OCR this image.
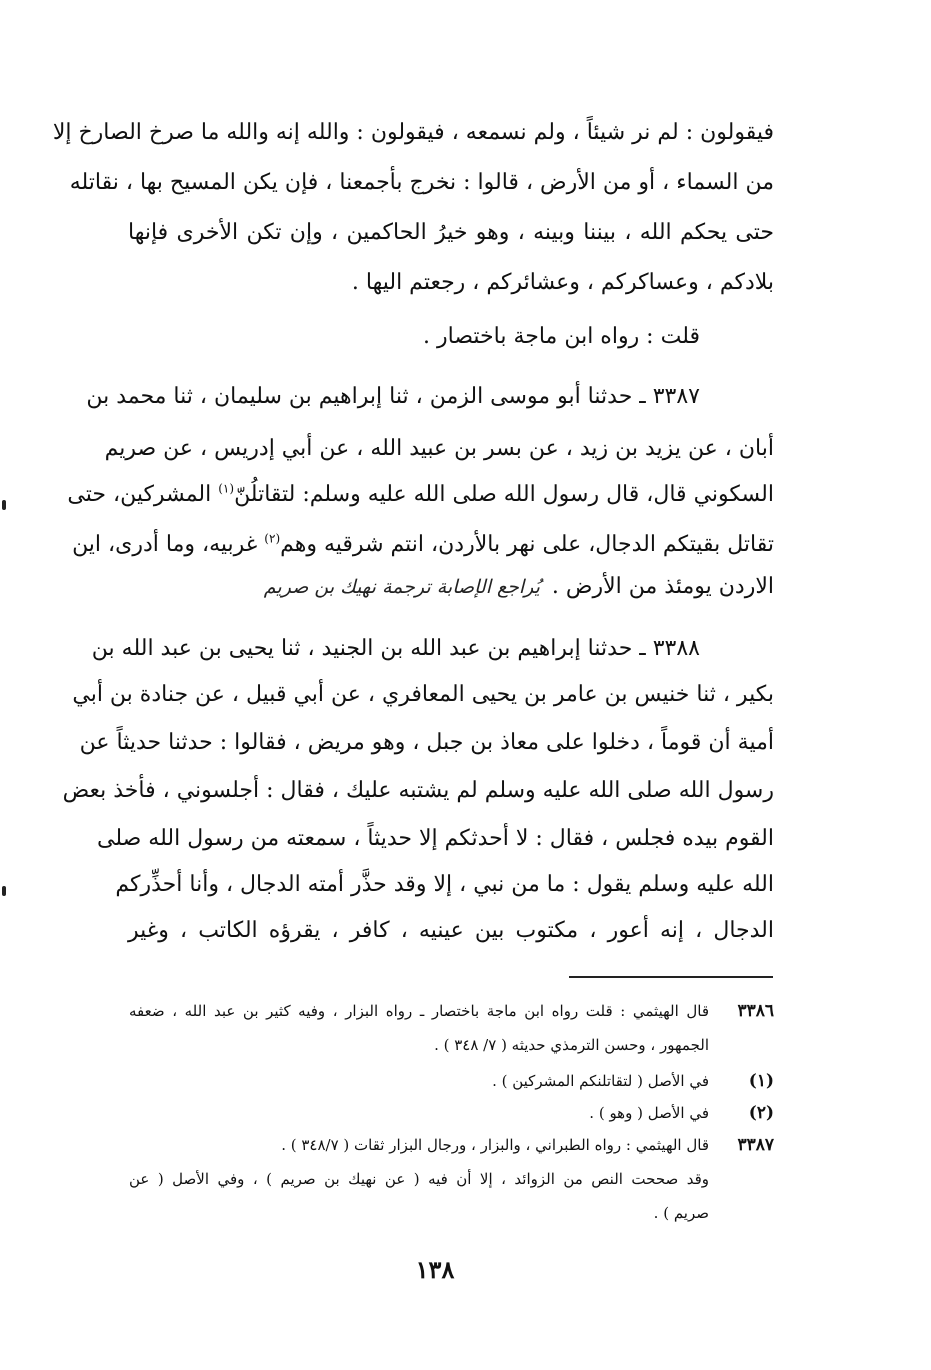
فيقولون : لم نر شيئاً ، ولم نسمعه ، فيقولون : والله إنه والله ما صرخ الصارخ إلا
من السماء ، أو من الأرض ، قالوا : نخرج بأجمعنا ، فإن يكن المسيح بها ، نقاتله
حتى يحكم الله ، بيننا وبينه ، وهو خيرُ الحاكمين ، وإن تكن الأخرى فإنها
بلادكم ، وعساكركم ، وعشائركم ، رجعتم اليها .
قلت : رواه ابن ماجة باختصار .
٣٣٨٧ ـ حدثنا أبو موسى الزمن ، ثنا إبراهيم بن سليمان ، ثنا محمد بن
أبان ، عن يزيد بن زيد ، عن بسر بن عبيد الله ، عن أبي إدريس ، عن صريم
السكوني قال، قال رسول الله صلى الله عليه وسلم: لتقاتلُنّ$^{(١)}$ المشركين، حتى
تقاتل بقيتكم الدجال، على نهر بالأردن، انتم شرقيه وهم$^{(٢)}$ غربيه، وما أدرى، اين
الاردن يومئذ من الأرض .يُراجع الإصابة ترجمة نهيك بن صريم
٣٣٨٨ ـ حدثنا إبراهيم بن عبد الله بن الجنيد ، ثنا يحيى بن عبد الله بن
بكير ، ثنا خنيس بن عامر بن يحيى المعافري ، عن أبي قبيل ، عن جنادة بن أبي
أمية أن قوماً ، دخلوا على معاذ بن جبل ، وهو مريض ، فقالوا : حدثنا حديثاً عن
رسول الله صلى الله عليه وسلم لم يشتبه عليك ، فقال : أجلسوني ، فأخذ بعض
القوم بيده فجلس ، فقال : لا أحدثكم إلا حديثاً ، سمعته من رسول الله صلى
الله عليه وسلم يقول : ما من نبي ، إلا وقد حذَّر أمته الدجال ، وأنا أحذِّركم
الدجال ، إنه أعور ، مكتوب بين عينيه ، كافر ، يقرؤه الكاتب ، وغير
٣٣٨٦
قال الهيثمي : قلت رواه ابن ماجة باختصار ـ رواه البزار ، وفيه كثير بن عبد الله ، ضعفه
الجمهور ، وحسن الترمذي حديثه ( ٧/ ٣٤٨ ) .
(١)
في الأصل ( لتقاتلنكم المشركين ) .
(٢)
في الأصل ( وهو ) .
٣٣٨٧
قال الهيثمي : رواه الطبراني ، والبزار ، ورجال البزار ثقات ( ٣٤٨/٧ ) .
وقد صححت النص من الزوائد ، إلا أن فيه ( عن نهيك بن صريم ) ، وفي الأصل ( عن
صريم ) .
١٣٨
